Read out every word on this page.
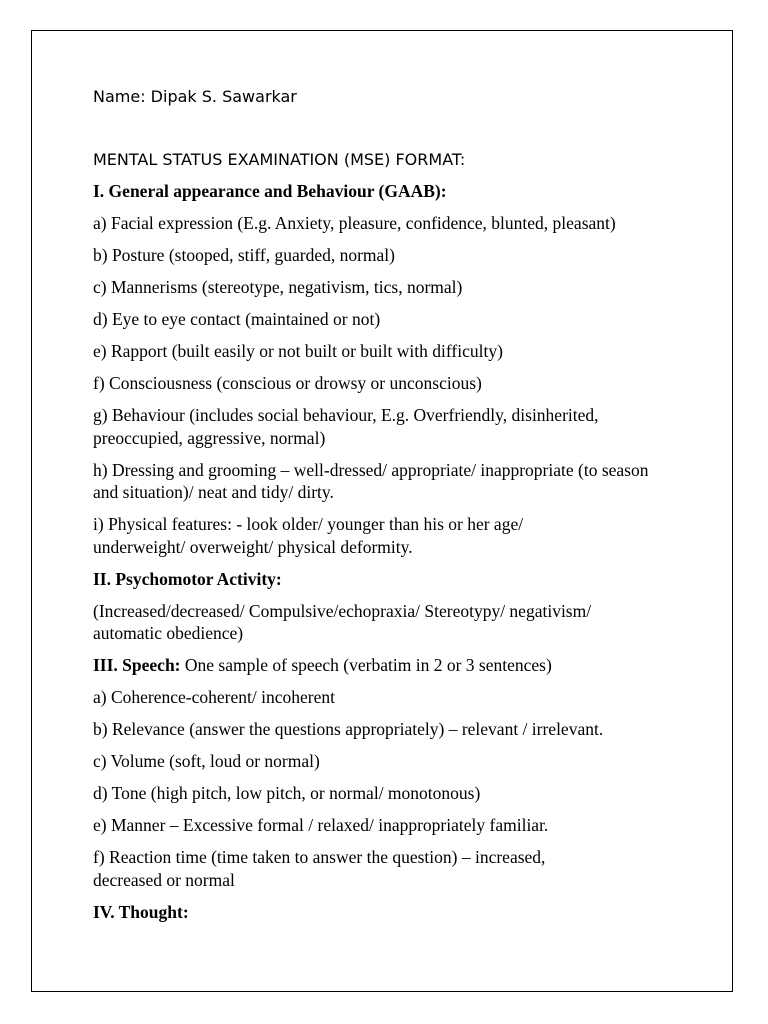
Name: Dipak S. Sawarkar

MENTAL STATUS EXAMINATION (MSE) FORMAT:

I. General appearance and Behaviour (GAAB):

a) Facial expression (E.g. Anxiety, pleasure, confidence, blunted, pleasant)

b) Posture (stooped, stiff, guarded, normal)

c) Mannerisms (stereotype, negativism, tics, normal)

d) Eye to eye contact (maintained or not)

e) Rapport (built easily or not built or built with difficulty)

f) Consciousness (conscious or drowsy or unconscious)

g) Behaviour (includes social behaviour, E.g. Overfriendly, disinherited, preoccupied, aggressive, normal)

h) Dressing and grooming – well-dressed/ appropriate/ inappropriate (to season and situation)/ neat and tidy/ dirty.

i) Physical features: - look older/ younger than his or her age/ underweight/ overweight/ physical deformity.

II. Psychomotor Activity:

(Increased/decreased/ Compulsive/echopraxia/ Stereotypy/ negativism/ automatic obedience)

III. Speech: One sample of speech (verbatim in 2 or 3 sentences)

a) Coherence-coherent/ incoherent

b) Relevance (answer the questions appropriately) – relevant / irrelevant.

c) Volume (soft, loud or normal)

d) Tone (high pitch, low pitch, or normal/ monotonous)

e) Manner – Excessive formal / relaxed/ inappropriately familiar.

f) Reaction time (time taken to answer the question) – increased, decreased or normal

IV. Thought:
